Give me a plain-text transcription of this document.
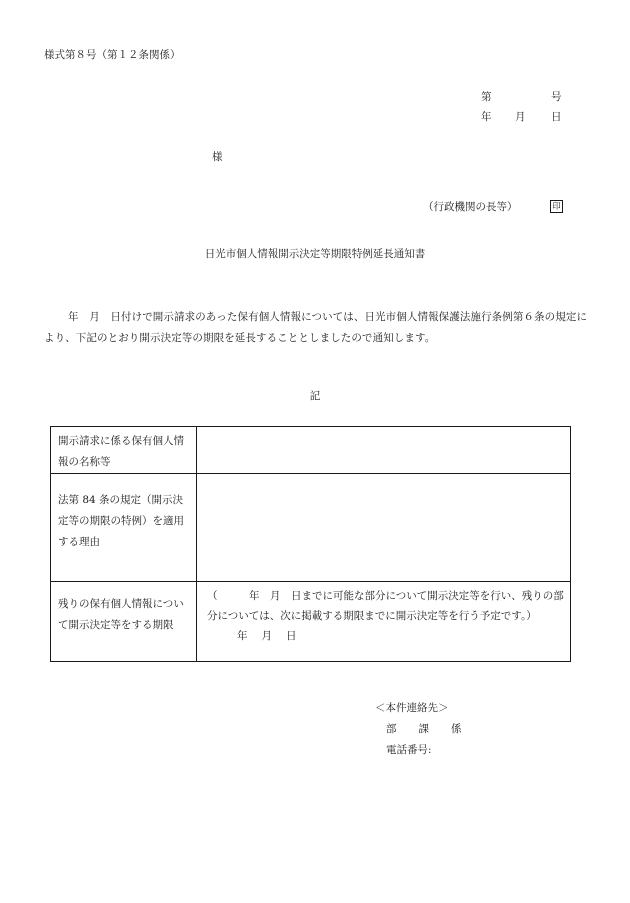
様式第８号（第１２条関係）
第	号
年 月 日
様
（行政機関の長等）	印
日光市個人情報開示決定等期限特例延長通知書
年　月　日付けで開示請求のあった保有個人情報については、日光市個人情報保護法施行条例第６条の規定により、下記のとおり開示決定等の期限を延長することとしましたので通知します。
記
開示請求に係る保有個人情報の名称等	
法第 84 条の規定（開示決定等の期限の特例）を適用する理由	
残りの保有個人情報について開示決定等をする期限	（　　　年　月　日までに可能な部分について開示決定等を行い、残りの部分については、次に掲載する期限までに開示決定等を行う予定です。）
年 月 日
＜本件連絡先＞
部 課 係
電話番号:
